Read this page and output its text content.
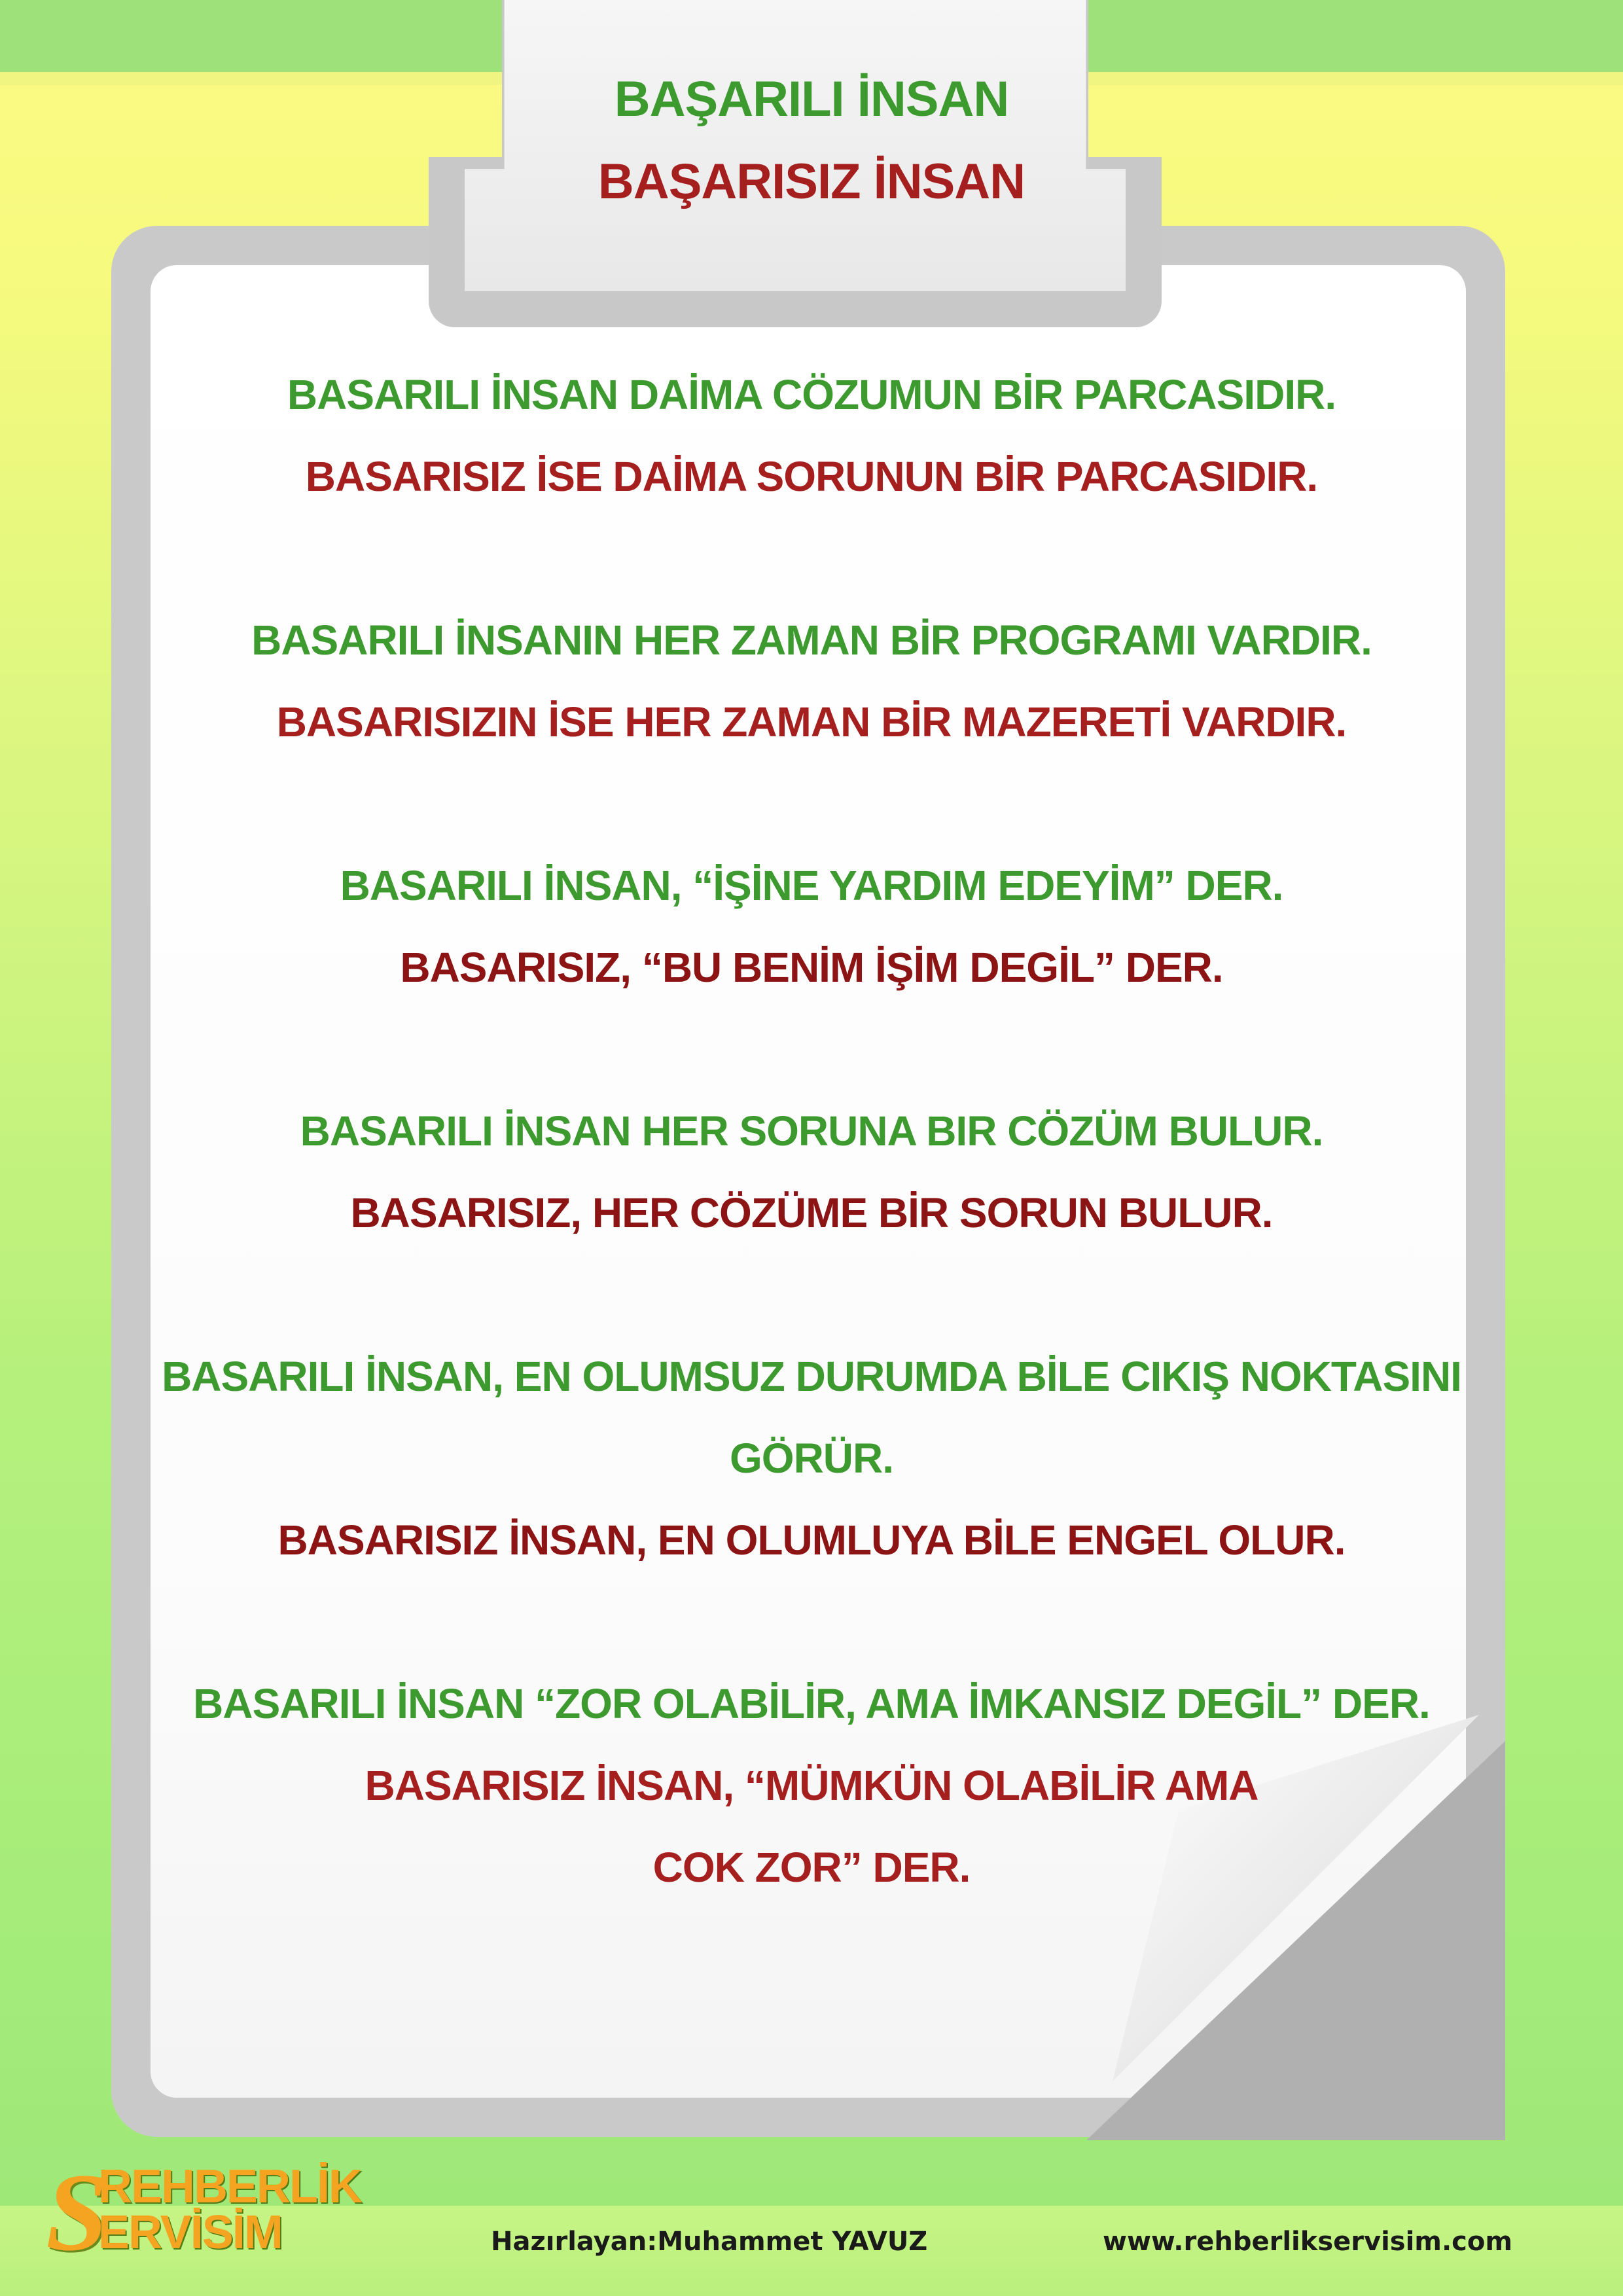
BAŞARILI İNSAN
BAŞARISIZ İNSAN
BASARILI İNSAN DAİMA CÖZUMUN BİR PARCASIDIR.
BASARISIZ İSE DAİMA SORUNUN BİR PARCASIDIR.
BASARILI İNSANIN HER ZAMAN BİR PROGRAMI VARDIR.
BASARISIZIN İSE HER ZAMAN BİR MAZERETİ VARDIR.
BASARILI İNSAN, “İŞİNE YARDIM EDEYİM” DER.
BASARISIZ, “BU BENİM İŞİM DEGİL” DER.
BASARILI İNSAN HER SORUNA BIR CÖZÜM BULUR.
BASARISIZ, HER CÖZÜME BİR SORUN BULUR.
BASARILI İNSAN, EN OLUMSUZ DURUMDA BİLE CIKIŞ NOKTASINI
GÖRÜR.
BASARISIZ İNSAN, EN OLUMLUYA BİLE ENGEL OLUR.
BASARILI İNSAN “ZOR OLABİLİR, AMA İMKANSIZ DEGİL” DER.
BASARISIZ İNSAN, “MÜMKÜN OLABİLİR AMA
COK ZOR” DER.
S
REHBERLİK
ERVİSİM	Hazırlayan:Muhammet YAVUZ	www.rehberlikservisim.com
